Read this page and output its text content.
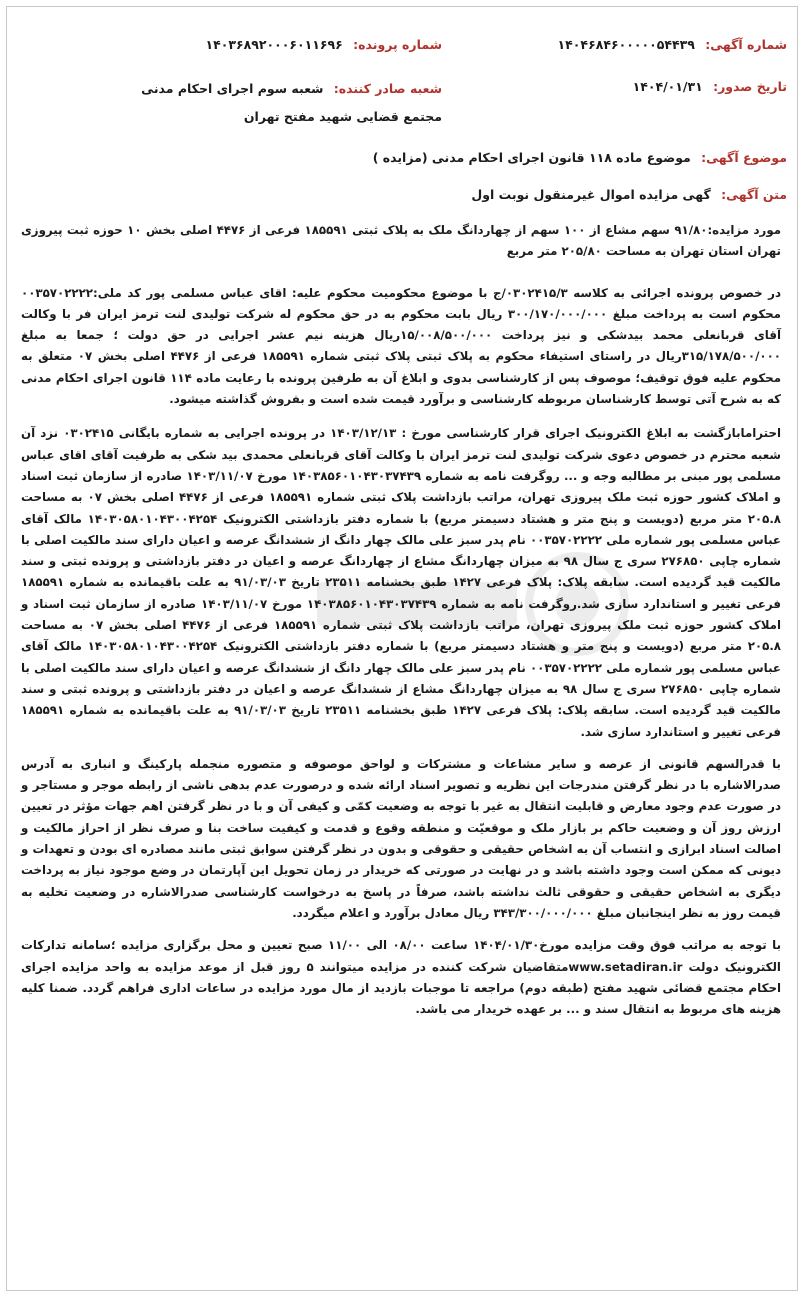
شماره آگهی: ۱۴۰۴۶۸۴۶۰۰۰۰۰۵۴۴۳۹
شماره پرونده: ۱۴۰۳۶۸۹۲۰۰۰۶۰۱۱۶۹۶
تاریخ صدور: ۱۴۰۴/۰۱/۳۱
شعبه صادر کننده: شعبه سوم اجرای احکام مدنی مجتمع قضایی شهید مفتح تهران
موضوع آگهی: موضوع ماده ۱۱۸ قانون اجرای احکام مدنی (مزایده )
متن آگهی: گهی مزایده اموال غیرمنقول نوبت اول

مورد مزایده:۹۱/۸۰ سهم مشاع از ۱۰۰ سهم از چهاردانگ ملک به پلاک ثبتی ۱۸۵۵۹۱ فرعی از ۴۴۷۶ اصلی بخش ۱۰ حوزه ثبت پیروزی تهران استان تهران به مساحت ۲۰۵/۸۰ متر مربع

در خصوص پرونده اجرائی به کلاسه ۰۳۰۲۴۱۵/۳/ج با موضوع محکومیت محکوم علیه: اقای عباس مسلمی پور کد ملی:۰۰۳۵۷۰۲۲۲۲ محکوم است به پرداخت مبلغ ۳۰۰/۱۷۰/۰۰۰/۰۰۰ ریال بابت محکوم به در حق محکوم له شرکت تولیدی لنت ترمز ایران فر با وکالت آقای قربانعلی محمد بیدشکی و نیز پرداخت ۱۵/۰۰۸/۵۰۰/۰۰۰ریال هزینه نیم عشر اجرایی در حق دولت ؛ جمعا به مبلغ ۳۱۵/۱۷۸/۵۰۰/۰۰۰ریال در راستای استیفاء محکوم به پلاک ثبتی پلاک ثبتی شماره ۱۸۵۵۹۱ فرعی از ۴۴۷۶ اصلی بخش ۰۷ متعلق به محکوم علیه فوق توقیف؛ موصوف پس از کارشناسی بدوی و ابلاغ آن به طرفین پرونده با رعایت ماده ۱۱۴ قانون اجرای احکام مدنی که به شرح آتی توسط کارشناسان مربوطه کارشناسی و برآورد قیمت شده است و بفروش گذاشته میشود.

احتراماباز‌گشت به ابلاغ الکترونیک اجرای قرار کارشناسی مورخ : ۱۴۰۳/۱۲/۱۳ در پرونده اجرایی به شماره بایگانی ۰۳۰۲۴۱۵ نزد آن شعبه محترم در خصوص دعوی شرکت تولیدی لنت ترمز ایران با وکالت آقای قربانعلی محمدی بید شکی به طرفیت آقای اقای عباس مسلمی پور مبنی بر مطالبه وجه و ... روگرفت نامه به شماره ۱۴۰۳۸۵۶۰۱۰۴۳۰۳۷۴۳۹ مورخ ۱۴۰۳/۱۱/۰۷ صادره از سازمان ثبت اسناد و املاک کشور حوزه ثبت ملک پیروزی تهران، مراتب بازداشت پلاک ثبتی شماره ۱۸۵۵۹۱ فرعی از ۴۴۷۶ اصلی بخش ۰۷ به مساحت ۲۰۵.۸ متر مربع (دویست و پنج متر و هشتاد دسیمتر مربع) با شماره دفتر بازداشتی الکترونیک ۱۴۰۳۰۵۸۰۱۰۴۳۰۰۴۲۵۴ مالک آقای عباس مسلمی پور شماره ملی ۰۰۳۵۷۰۲۲۲۲ نام پدر سبز علی مالک چهار دانگ از ششدانگ عرصه و اعیان دارای سند مالکیت اصلی با شماره چاپی ۲۷۶۸۵۰ سری ج سال ۹۸ به میزان چهاردانگ مشاع از چهاردانگ عرصه و اعیان در دفتر بازداشتی و پرونده ثبتی و سند مالکیت قید گردیده است. سابقه پلاک: پلاک فرعی ۱۴۲۷ طبق بخشنامه ۲۳۵۱۱ تاریخ ۹۱/۰۳/۰۳ به علت باقیمانده به شماره ۱۸۵۵۹۱ فرعی تغییر و استاندارد سازی شد.روگرفت نامه به شماره ۱۴۰۳۸۵۶۰۱۰۴۳۰۳۷۴۳۹ مورخ ۱۴۰۳/۱۱/۰۷ صادره از سازمان ثبت اسناد و املاک کشور حوزه ثبت ملک پیروزی تهران، مراتب بازداشت پلاک ثبتی شماره ۱۸۵۵۹۱ فرعی از ۴۴۷۶ اصلی بخش ۰۷ به مساحت ۲۰۵.۸ متر مربع (دویست و پنج متر و هشتاد دسیمتر مربع) با شماره دفتر بازداشتی الکترونیک ۱۴۰۳۰۵۸۰۱۰۴۳۰۰۴۲۵۴ مالک آقای عباس مسلمی پور شماره ملی ۰۰۳۵۷۰۲۲۲۲ نام پدر سبز علی مالک چهار دانگ از ششدانگ عرصه و اعیان دارای سند مالکیت اصلی با شماره چاپی ۲۷۶۸۵۰ سری ج سال ۹۸ به میزان چهاردانگ مشاع از ششدانگ عرصه و اعیان در دفتر بازداشتی و پرونده ثبتی و سند مالکیت قید گردیده است. سابقه پلاک: پلاک فرعی ۱۴۲۷ طبق بخشنامه ۲۳۵۱۱ تاریخ ۹۱/۰۳/۰۳ به علت باقیمانده به شماره ۱۸۵۵۹۱ فرعی تغییر و استاندارد سازی شد.

با قدرالسهم قانونی از عرصه و سایر مشاعات و مشترکات و لواحق موصوفه و متصوره منجمله پارکینگ و انباری به آدرس صدرالاشاره با در نظر گرفتن مندرجات این نظریه و تصویر اسناد ارائه شده و درصورت عدم بدهی ناشی از رابطه موجر و مستاجر و در صورت عدم وجود معارض و قابلیت انتقال به غیر با توجه به وضعیت کمّی و کیفی آن و با در نظر گرفتن اهم جهات مؤثر در تعیین ارزش روز آن و وضعیت حاکم بر بازار ملک و موقعیّت و منطقه وقوع و قدمت و کیفیت ساخت بنا و صرف نظر از احراز مالکیت و اصالت اسناد ابرازی و انتساب آن به اشخاص حقیقی و حقوقی و بدون در نظر گرفتن سوابق ثبتی مانند مصادره ای بودن و تعهدات و دیونی که ممکن است وجود داشته باشد و در نهایت در صورتی که خریدار در زمان تحویل این آپارتمان در وضع موجود نیاز به پرداخت دیگری به اشخاص حقیقی و حقوقی ثالث نداشته باشد، صرفاً در پاسخ به درخواست کارشناسی صدرالاشاره در وضعیت تخلیه به قیمت روز به نظر اینجانبان مبلغ ۳۴۳/۳۰۰/۰۰۰/۰۰۰ ریال معادل برآورد و اعلام میگردد.

با توجه به مراتب فوق وقت مزایده مورخ۱۴۰۴/۰۱/۳۰ ساعت ۰۸/۰۰ الی ۱۱/۰۰ صبح تعیین و محل برگزاری مزایده ؛سامانه تدارکات الکترونیک دولت www.setadiran.irمتقاضیان شرکت کننده در مزایده میتوانند ۵ روز قبل از موعد مزایده به واحد مزایده اجرای احکام مجتمع قضائی شهید مفتح (طبقه دوم) مراجعه تا موجبات بازدید از مال مورد مزایده در ساعات اداری فراهم گردد. ضمنا کلیه هزینه های مربوط به انتقال سند و ... بر عهده خریدار می باشد.
